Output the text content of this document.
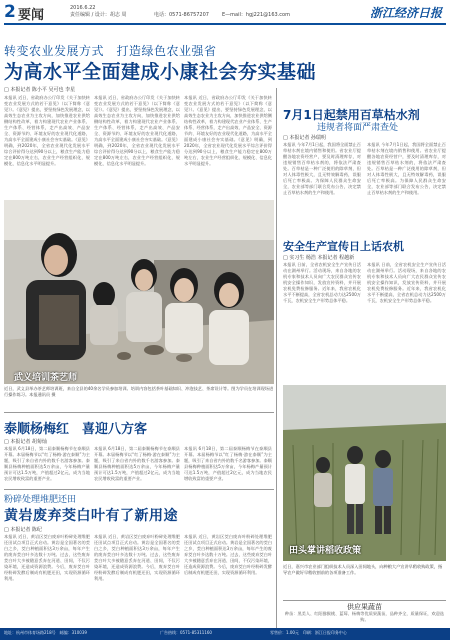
2 要闻	2016.6.22
责任编辑 / 设计：胡志 周	电话：0571-86757207	E—mail：hgj221@163.com	浙江经济日报
转变农业发展方式　打造绿色农业强省
为高水平全面建成小康社会夯实基础
□ 本报记者 陈小平 吴可也 李星
本报讯 近日，省政府办公厅印发《关于加快转变农业发展方式的若干意见》（以下简称《意见》）。《意见》提出，要坚持绿色发展理念，以高效生态农业为主攻方向，加快推进农业供给侧结构性改革，着力构建现代农业产业体系、生产体系、经营体系，走产出高效、产品安全、资源节约、环境友好的农业现代化道路，为高水平全面建成小康社会夯实基础。《意见》明确，到2020年，全省农业现代化发展水平综合评价得分达到90分以上，粮食生产能力稳定在800万吨左右，农业生产经营组织化、规模化、信息化水平明显提升。
本报讯 近日，省政府办公厅印发《关于加快转变农业发展方式的若干意见》（以下简称《意见》）。《意见》提出，要坚持绿色发展理念，以高效生态农业为主攻方向，加快推进农业供给侧结构性改革，着力构建现代农业产业体系、生产体系、经营体系，走产出高效、产品安全、资源节约、环境友好的农业现代化道路，为高水平全面建成小康社会夯实基础。《意见》明确，到2020年，全省农业现代化发展水平综合评价得分达到90分以上，粮食生产能力稳定在800万吨左右，农业生产经营组织化、规模化、信息化水平明显提升。
本报讯 近日，省政府办公厅印发《关于加快转变农业发展方式的若干意见》（以下简称《意见》）。《意见》提出，要坚持绿色发展理念，以高效生态农业为主攻方向，加快推进农业供给侧结构性改革，着力构建现代农业产业体系、生产体系、经营体系，走产出高效、产品安全、资源节约、环境友好的农业现代化道路，为高水平全面建成小康社会夯实基础。《意见》明确，到2020年，全省农业现代化发展水平综合评价得分达到90分以上，粮食生产能力稳定在800万吨左右，农业生产经营组织化、规模化、信息化水平明显提升。
武义培训茶艺师
近日，武义县举办茶艺师培训班，来自全县的40余名学员参加培训。培训内容包括茶叶基础知识、冲泡技艺、茶席设计等。图为学员在培训现场进行操作练习。本报通讯员 摄
泰顺杨梅红　喜迎八方客
□ 本报记者 胡菊灿
本报讯 6月18日，第二届泰顺杨梅节在泰顺县开幕。本届杨梅节以“红了杨梅·游在泰顺”为主题，吸引了来自省内外的数千名游客参加。泰顺县杨梅种植面积达5万余亩，今年杨梅产量预计可达1.5万吨，产值超过2亿元，成为当地农民增收致富的重要产业。
本报讯 6月18日，第二届泰顺杨梅节在泰顺县开幕。本届杨梅节以“红了杨梅·游在泰顺”为主题，吸引了来自省内外的数千名游客参加。泰顺县杨梅种植面积达5万余亩，今年杨梅产量预计可达1.5万吨，产值超过2亿元，成为当地农民增收致富的重要产业。
本报讯 6月18日，第二届泰顺杨梅节在泰顺县开幕。本届杨梅节以“红了杨梅·游在泰顺”为主题，吸引了来自省内外的数千名游客参加。泰顺县杨梅种植面积达5万余亩，今年杨梅产量预计可达1.5万吨，产值超过2亿元，成为当地农民增收致富的重要产业。
粉碎处理堆肥还田
黄岩废弃茭白叶有了新用途
□ 本报记者 陈纪
本报讯 近日，黄岩区茭白废弃叶粉碎处理堆肥还田试点项目正式启动。黄岩是全国著名的茭白之乡，茭白种植面积达3万余亩，每年产生的废弃茭白叶多达数十万吨。过去，这些废弃茭白叶大多被随意丢弃在河道、田间，不仅污染环境，还造成资源浪费。今后，废弃茭白叶经粉碎发酵后制成有机肥还田，实现资源循环利用。
本报讯 近日，黄岩区茭白废弃叶粉碎处理堆肥还田试点项目正式启动。黄岩是全国著名的茭白之乡，茭白种植面积达3万余亩，每年产生的废弃茭白叶多达数十万吨。过去，这些废弃茭白叶大多被随意丢弃在河道、田间，不仅污染环境，还造成资源浪费。今后，废弃茭白叶经粉碎发酵后制成有机肥还田，实现资源循环利用。
本报讯 近日，黄岩区茭白废弃叶粉碎处理堆肥还田试点项目正式启动。黄岩是全国著名的茭白之乡，茭白种植面积达3万余亩，每年产生的废弃茭白叶多达数十万吨。过去，这些废弃茭白叶大多被随意丢弃在河道、田间，不仅污染环境，还造成资源浪费。今后，废弃茭白叶经粉碎发酵后制成有机肥还田，实现资源循环利用。
7月1日起禁用百草枯水剂
违规者将面严肃查处
□ 本报记者 孙瑞明
本报讯 今年7月1日起，我国将全面禁止百草枯水剂在境内销售和使用。省农业厅提醒各地农资经营户，要及时清理库存，对违规销售百草枯水剂的，将依法严肃查处。百草枯是一种广泛使用的除草剂，但对人体毒性极大，且无特效解毒药，误服后死亡率极高。为保障人民群众生命安全，农业部等部门联合发布公告，决定禁止百草枯水剂的生产和使用。
本报讯 今年7月1日起，我国将全面禁止百草枯水剂在境内销售和使用。省农业厅提醒各地农资经营户，要及时清理库存，对违规销售百草枯水剂的，将依法严肃查处。百草枯是一种广泛使用的除草剂，但对人体毒性极大，且无特效解毒药，误服后死亡率极高。为保障人民群众生命安全，农业部等部门联合发布公告，决定禁止百草枯水剂的生产和使用。
安全生产宣传日上话农机
□ 实习生 杨浩 本报记者 程越新
本报讯 日前，全省农机安全生产宣传日活动在湖州举行。活动现场，来自各地的农机专家和技术人员向广大农民群众宣传农机安全操作知识，发放宣传资料，并开展农机免费检修服务。近年来，我省农机化水平不断提高，全省农机总动力达2500万千瓦，农机安全生产形势总体平稳。
本报讯 日前，全省农机安全生产宣传日活动在湖州举行。活动现场，来自各地的农机专家和技术人员向广大农民群众宣传农机安全操作知识，发放宣传资料，并开展农机免费检修服务。近年来，我省农机化水平不断提高，全省农机总动力达2500万千瓦，农机安全生产形势总体平稳。
田头掌讲稻收政策
近日，嘉兴市农业部门组织技术人员深入田间地头，向种粮大户宣讲早稻收购政策，指导农户做好早稻收割前的各项准备工作。
供应果蔬苗
种苗：黑美人、红阳猕猴桃、蓝莓、杨梅等优质果蔬苗，品种齐全，质量保证，欢迎选购。
地址：杭州市体育场路218号　邮编：310039	广告热线：0571-85311160	零售价：1.00元　印刷：浙江日报印务中心
